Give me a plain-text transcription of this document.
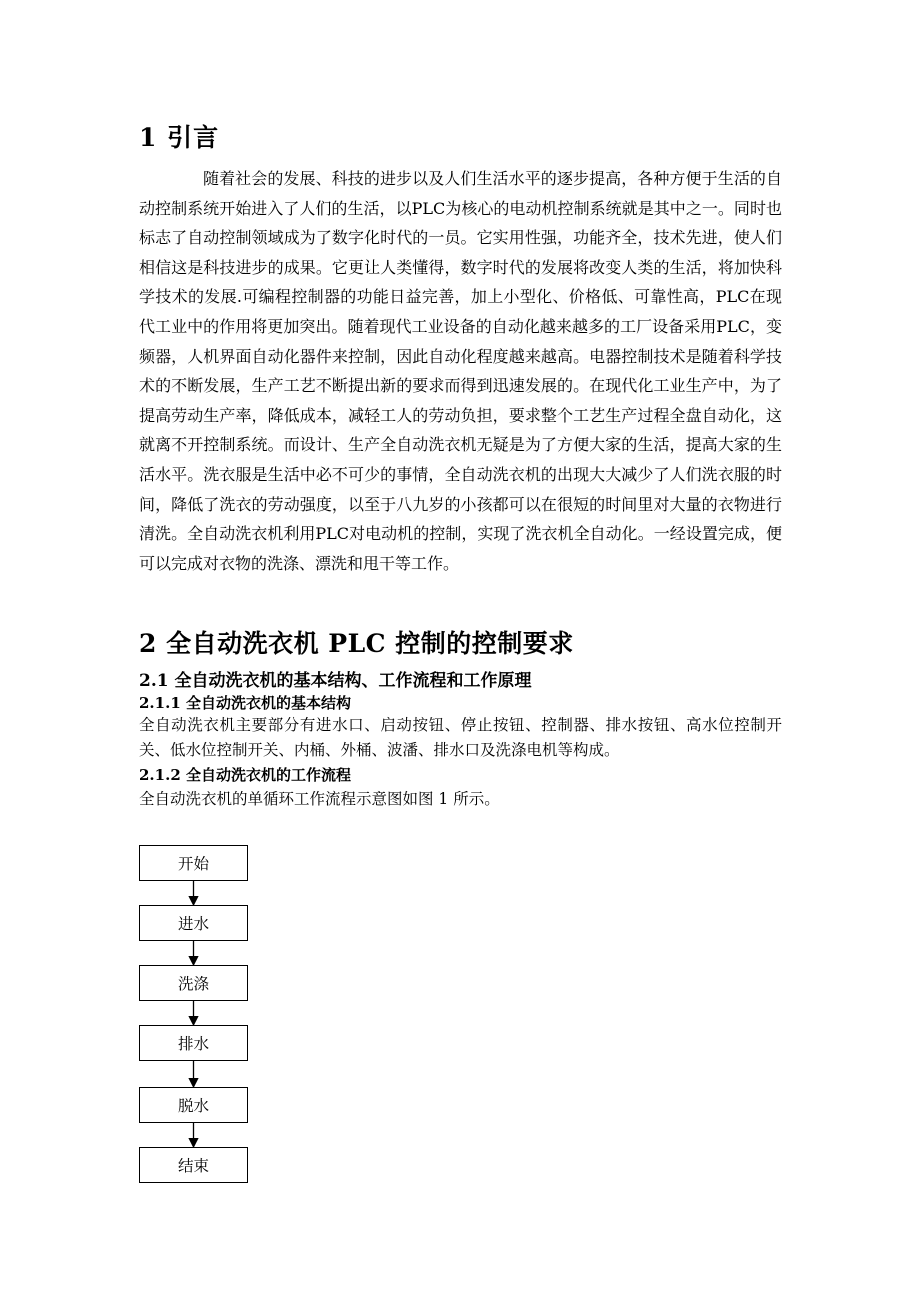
1 引言

随着社会的发展、科技的进步以及人们生活水平的逐步提高，各种方便于生活的自动控制系统开始进入了人们的生活，以PLC为核心的电动机控制系统就是其中之一。同时也标志了自动控制领域成为了数字化时代的一员。它实用性强，功能齐全，技术先进，使人们相信这是科技进步的成果。它更让人类懂得，数字时代的发展将改变人类的生活，将加快科学技术的发展.可编程控制器的功能日益完善，加上小型化、价格低、可靠性高，PLC在现代工业中的作用将更加突出。随着现代工业设备的自动化越来越多的工厂设备采用PLC，变频器，人机界面自动化器件来控制，因此自动化程度越来越高。电器控制技术是随着科学技术的不断发展，生产工艺不断提出新的要求而得到迅速发展的。在现代化工业生产中，为了提高劳动生产率，降低成本，减轻工人的劳动负担，要求整个工艺生产过程全盘自动化，这就离不开控制系统。而设计、生产全自动洗衣机无疑是为了方便大家的生活，提高大家的生活水平。洗衣服是生活中必不可少的事情，全自动洗衣机的出现大大减少了人们洗衣服的时间，降低了洗衣的劳动强度，以至于八九岁的小孩都可以在很短的时间里对大量的衣物进行清洗。全自动洗衣机利用PLC对电动机的控制，实现了洗衣机全自动化。一经设置完成，便可以完成对衣物的洗涤、漂洗和甩干等工作。

2 全自动洗衣机 PLC 控制的控制要求
2.1 全自动洗衣机的基本结构、工作流程和工作原理
2.1.1 全自动洗衣机的基本结构

全自动洗衣机主要部分有进水口、启动按钮、停止按钮、控制器、排水按钮、高水位控制开关、低水位控制开关、内桶、外桶、波潘、排水口及洗涤电机等构成。

2.1.2 全自动洗衣机的工作流程

全自动洗衣机的单循环工作流程示意图如图 1 所示。

开始
进水
洗涤
排水
脱水
结束
